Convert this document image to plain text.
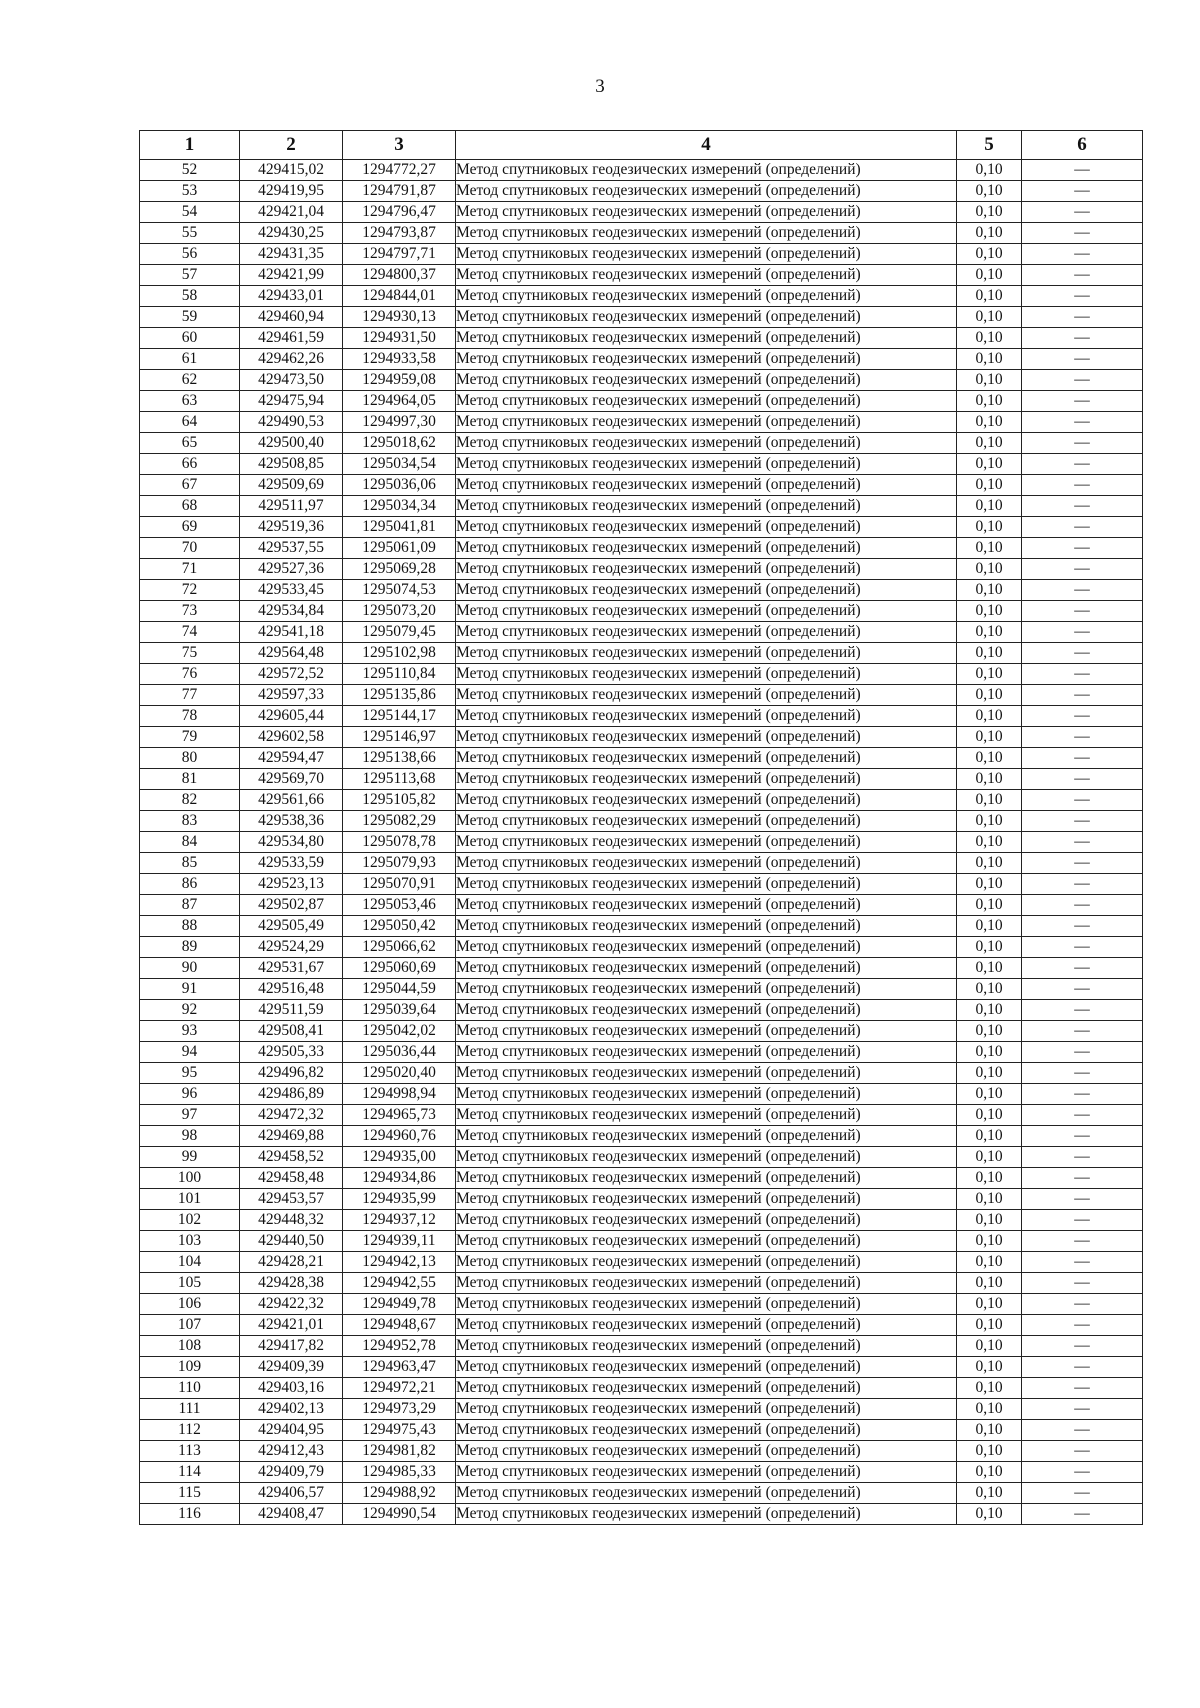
3
1	2	3	4	5	6
52	429415,02	1294772,27	Метод спутниковых геодезических измерений (определений)	0,10	—
53	429419,95	1294791,87	Метод спутниковых геодезических измерений (определений)	0,10	—
54	429421,04	1294796,47	Метод спутниковых геодезических измерений (определений)	0,10	—
55	429430,25	1294793,87	Метод спутниковых геодезических измерений (определений)	0,10	—
56	429431,35	1294797,71	Метод спутниковых геодезических измерений (определений)	0,10	—
57	429421,99	1294800,37	Метод спутниковых геодезических измерений (определений)	0,10	—
58	429433,01	1294844,01	Метод спутниковых геодезических измерений (определений)	0,10	—
59	429460,94	1294930,13	Метод спутниковых геодезических измерений (определений)	0,10	—
60	429461,59	1294931,50	Метод спутниковых геодезических измерений (определений)	0,10	—
61	429462,26	1294933,58	Метод спутниковых геодезических измерений (определений)	0,10	—
62	429473,50	1294959,08	Метод спутниковых геодезических измерений (определений)	0,10	—
63	429475,94	1294964,05	Метод спутниковых геодезических измерений (определений)	0,10	—
64	429490,53	1294997,30	Метод спутниковых геодезических измерений (определений)	0,10	—
65	429500,40	1295018,62	Метод спутниковых геодезических измерений (определений)	0,10	—
66	429508,85	1295034,54	Метод спутниковых геодезических измерений (определений)	0,10	—
67	429509,69	1295036,06	Метод спутниковых геодезических измерений (определений)	0,10	—
68	429511,97	1295034,34	Метод спутниковых геодезических измерений (определений)	0,10	—
69	429519,36	1295041,81	Метод спутниковых геодезических измерений (определений)	0,10	—
70	429537,55	1295061,09	Метод спутниковых геодезических измерений (определений)	0,10	—
71	429527,36	1295069,28	Метод спутниковых геодезических измерений (определений)	0,10	—
72	429533,45	1295074,53	Метод спутниковых геодезических измерений (определений)	0,10	—
73	429534,84	1295073,20	Метод спутниковых геодезических измерений (определений)	0,10	—
74	429541,18	1295079,45	Метод спутниковых геодезических измерений (определений)	0,10	—
75	429564,48	1295102,98	Метод спутниковых геодезических измерений (определений)	0,10	—
76	429572,52	1295110,84	Метод спутниковых геодезических измерений (определений)	0,10	—
77	429597,33	1295135,86	Метод спутниковых геодезических измерений (определений)	0,10	—
78	429605,44	1295144,17	Метод спутниковых геодезических измерений (определений)	0,10	—
79	429602,58	1295146,97	Метод спутниковых геодезических измерений (определений)	0,10	—
80	429594,47	1295138,66	Метод спутниковых геодезических измерений (определений)	0,10	—
81	429569,70	1295113,68	Метод спутниковых геодезических измерений (определений)	0,10	—
82	429561,66	1295105,82	Метод спутниковых геодезических измерений (определений)	0,10	—
83	429538,36	1295082,29	Метод спутниковых геодезических измерений (определений)	0,10	—
84	429534,80	1295078,78	Метод спутниковых геодезических измерений (определений)	0,10	—
85	429533,59	1295079,93	Метод спутниковых геодезических измерений (определений)	0,10	—
86	429523,13	1295070,91	Метод спутниковых геодезических измерений (определений)	0,10	—
87	429502,87	1295053,46	Метод спутниковых геодезических измерений (определений)	0,10	—
88	429505,49	1295050,42	Метод спутниковых геодезических измерений (определений)	0,10	—
89	429524,29	1295066,62	Метод спутниковых геодезических измерений (определений)	0,10	—
90	429531,67	1295060,69	Метод спутниковых геодезических измерений (определений)	0,10	—
91	429516,48	1295044,59	Метод спутниковых геодезических измерений (определений)	0,10	—
92	429511,59	1295039,64	Метод спутниковых геодезических измерений (определений)	0,10	—
93	429508,41	1295042,02	Метод спутниковых геодезических измерений (определений)	0,10	—
94	429505,33	1295036,44	Метод спутниковых геодезических измерений (определений)	0,10	—
95	429496,82	1295020,40	Метод спутниковых геодезических измерений (определений)	0,10	—
96	429486,89	1294998,94	Метод спутниковых геодезических измерений (определений)	0,10	—
97	429472,32	1294965,73	Метод спутниковых геодезических измерений (определений)	0,10	—
98	429469,88	1294960,76	Метод спутниковых геодезических измерений (определений)	0,10	—
99	429458,52	1294935,00	Метод спутниковых геодезических измерений (определений)	0,10	—
100	429458,48	1294934,86	Метод спутниковых геодезических измерений (определений)	0,10	—
101	429453,57	1294935,99	Метод спутниковых геодезических измерений (определений)	0,10	—
102	429448,32	1294937,12	Метод спутниковых геодезических измерений (определений)	0,10	—
103	429440,50	1294939,11	Метод спутниковых геодезических измерений (определений)	0,10	—
104	429428,21	1294942,13	Метод спутниковых геодезических измерений (определений)	0,10	—
105	429428,38	1294942,55	Метод спутниковых геодезических измерений (определений)	0,10	—
106	429422,32	1294949,78	Метод спутниковых геодезических измерений (определений)	0,10	—
107	429421,01	1294948,67	Метод спутниковых геодезических измерений (определений)	0,10	—
108	429417,82	1294952,78	Метод спутниковых геодезических измерений (определений)	0,10	—
109	429409,39	1294963,47	Метод спутниковых геодезических измерений (определений)	0,10	—
110	429403,16	1294972,21	Метод спутниковых геодезических измерений (определений)	0,10	—
111	429402,13	1294973,29	Метод спутниковых геодезических измерений (определений)	0,10	—
112	429404,95	1294975,43	Метод спутниковых геодезических измерений (определений)	0,10	—
113	429412,43	1294981,82	Метод спутниковых геодезических измерений (определений)	0,10	—
114	429409,79	1294985,33	Метод спутниковых геодезических измерений (определений)	0,10	—
115	429406,57	1294988,92	Метод спутниковых геодезических измерений (определений)	0,10	—
116	429408,47	1294990,54	Метод спутниковых геодезических измерений (определений)	0,10	—
